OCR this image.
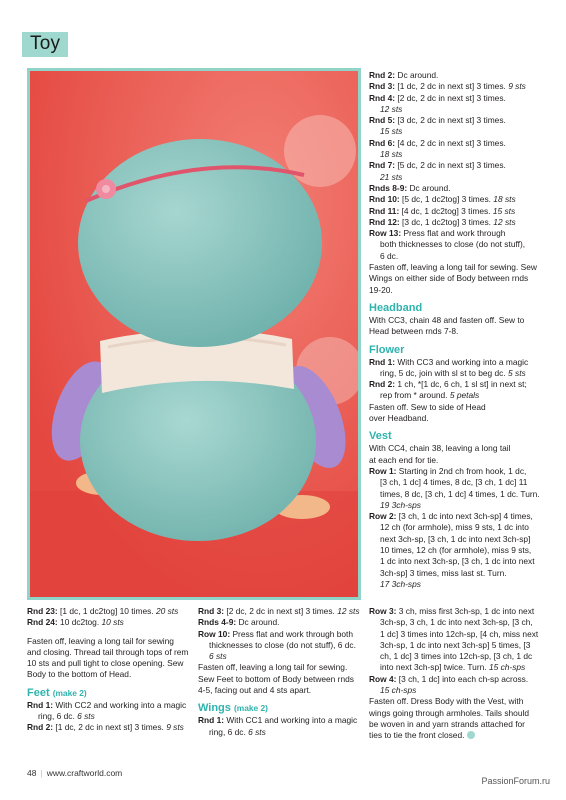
Toy
Rnd 2: Dc around.
Rnd 3: [1 dc, 2 dc in next st] 3 times. 9 sts
Rnd 4: [2 dc, 2 dc in next st] 3 times.
12 sts
Rnd 5: [3 dc, 2 dc in next st] 3 times.
15 sts
Rnd 6: [4 dc, 2 dc in next st] 3 times.
18 sts
Rnd 7: [5 dc, 2 dc in next st] 3 times.
21 sts
Rnds 8-9: Dc around.
Rnd 10: [5 dc, 1 dc2tog] 3 times. 18 sts
Rnd 11: [4 dc, 1 dc2tog] 3 times. 15 sts
Rnd 12: [3 dc, 1 dc2tog] 3 times. 12 sts
Row 13: Press flat and work through
both thicknesses to close (do not stuff),
6 dc.
Fasten off, leaving a long tail for sewing. Sew
Wings on either side of Body between rnds
19-20.
Headband
With CC3, chain 48 and fasten off. Sew to
Head between rnds 7-8.
Flower
Rnd 1: With CC3 and working into a magic
ring, 5 dc, join with sl st to beg dc. 5 sts
Rnd 2: 1 ch, *[1 dc, 6 ch, 1 sl st] in next st;
rep from * around. 5 petals
Fasten off. Sew to side of Head
over Headband.
Vest
With CC4, chain 38, leaving a long tail
at each end for tie.
Row 1: Starting in 2nd ch from hook, 1 dc,
[3 ch, 1 dc] 4 times, 8 dc, [3 ch, 1 dc] 11
times, 8 dc, [3 ch, 1 dc] 4 times, 1 dc. Turn.
19 3ch-sps
Row 2: [3 ch, 1 dc into next 3ch-sp] 4 times,
12 ch (for armhole), miss 9 sts, 1 dc into
next 3ch-sp, [3 ch, 1 dc into next 3ch-sp]
10 times, 12 ch (for armhole), miss 9 sts,
1 dc into next 3ch-sp, [3 ch, 1 dc into next
3ch-sp] 3 times, miss last st. Turn.
17 3ch-sps
Rnd 23: [1 dc, 1 dc2tog] 10 times. 20 sts
Rnd 24: 10 dc2tog. 10 sts
Fasten off, leaving a long tail for sewing
and closing. Thread tail through tops of rem
10 sts and pull tight to close opening. Sew
Body to the bottom of Head.
Feet (make 2)
Rnd 1: With CC2 and working into a magic
ring, 6 dc. 6 sts
Rnd 2: [1 dc, 2 dc in next st] 3 times. 9 sts
Rnd 3: [2 dc, 2 dc in next st] 3 times. 12 sts
Rnds 4-9: Dc around.
Row 10: Press flat and work through both
thicknesses to close (do not stuff), 6 dc.
6 sts
Fasten off, leaving a long tail for sewing.
Sew Feet to bottom of Body between rnds
4-5, facing out and 4 sts apart.
Wings (make 2)
Rnd 1: With CC1 and working into a magic
ring, 6 dc. 6 sts
Row 3: 3 ch, miss first 3ch-sp, 1 dc into next
3ch-sp, 3 ch, 1 dc into next 3ch-sp, [3 ch,
1 dc] 3 times into 12ch-sp, [4 ch, miss next
3ch-sp, 1 dc into next 3ch-sp] 5 times, [3
ch, 1 dc] 3 times into 12ch-sp, [3 ch, 1 dc
into next 3ch-sp] twice. Turn. 15 ch-sps
Row 4: [3 ch, 1 dc] into each ch-sp across.
15 ch-sps
Fasten off. Dress Body with the Vest, with
wings going through armholes. Tails should
be woven in and yarn strands attached for
ties to tie the front closed.
48 | www.craftworld.com
PassionForum.ru
